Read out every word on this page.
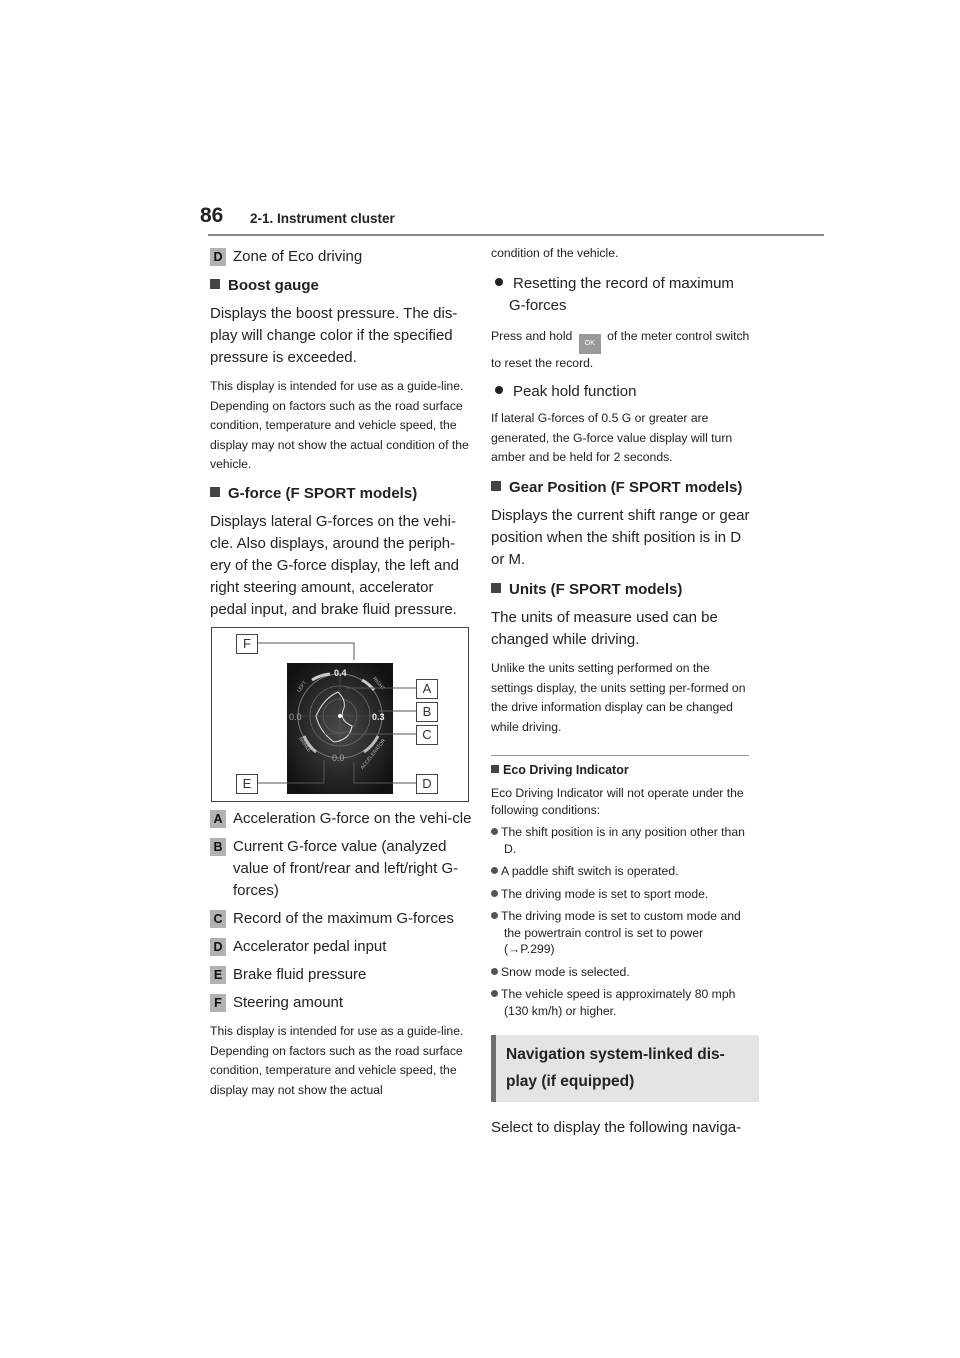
86 2-1. Instrument cluster
D Zone of Eco driving

Boost gauge

Displays the boost pressure. The dis-play will change color if the specified pressure is exceeded.

This display is intended for use as a guide-line. Depending on factors such as the road surface condition, temperature and vehicle speed, the display may not show the actual condition of the vehicle.

G-force (F SPORT models)

Displays lateral G-forces on the vehi-cle. Also displays, around the periph-ery of the G-force display, the left and right steering amount, accelerator pedal input, and brake fluid pressure.

0.4
0.3
0.0
0.0
LEFT	RIGHT
BRAKE	ACCELERATOR
F
A
B
C
E	D
A Acceleration G-force on the vehi-cle
B Current G-force value (analyzed value of front/rear and left/right G-forces)
C Record of the maximum G-forces
D Accelerator pedal input
E Brake fluid pressure
F Steering amount

This display is intended for use as a guide-line. Depending on factors such as the road surface condition, temperature and vehicle speed, the display may not show the actual

condition of the vehicle.

Resetting the record of maximum G-forces

Press and hold OK of the meter control switch to reset the record.

Peak hold function

If lateral G-forces of 0.5 G or greater are generated, the G-force value display will turn amber and be held for 2 seconds.

Gear Position (F SPORT models)

Displays the current shift range or gear position when the shift position is in D or M.

Units (F SPORT models)

The units of measure used can be changed while driving.

Unlike the units setting performed on the settings display, the units setting per-formed on the drive information display can be changed while driving.

Eco Driving Indicator

Eco Driving Indicator will not operate under the following conditions:

The shift position is in any position other than D.

A paddle shift switch is operated.

The driving mode is set to sport mode.

The driving mode is set to custom mode and the powertrain control is set to power (→P.299)

Snow mode is selected.

The vehicle speed is approximately 80 mph (130 km/h) or higher.

Navigation system-linked dis-
play (if equipped)

Select to display the following naviga-
